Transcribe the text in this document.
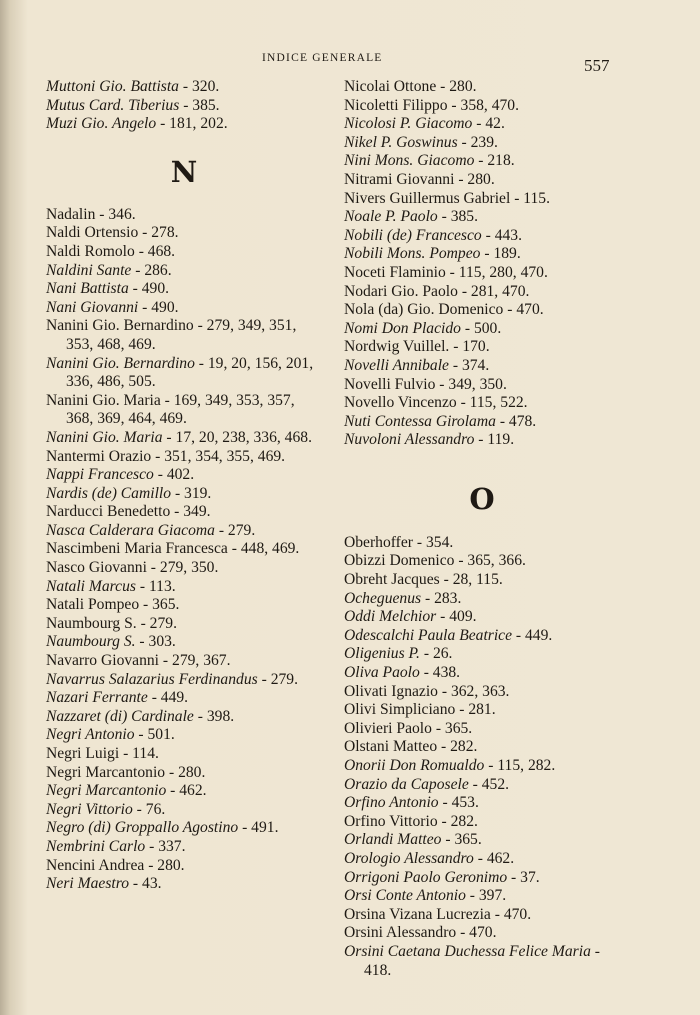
INDICE GENERALE	557
Muttoni Gio. Battista - 320.
Mutus Card. Tiberius - 385.
Muzi Gio. Angelo - 181, 202.
N
Nadalin - 346.
Naldi Ortensio - 278.
Naldi Romolo - 468.
Naldini Sante - 286.
Nani Battista - 490.
Nani Giovanni - 490.
Nanini Gio. Bernardino - 279, 349, 351, 353, 468, 469.
Nanini Gio. Bernardino - 19, 20, 156, 201, 336, 486, 505.
Nanini Gio. Maria - 169, 349, 353, 357, 368, 369, 464, 469.
Nanini Gio. Maria - 17, 20, 238, 336, 468.
Nantermi Orazio - 351, 354, 355, 469.
Nappi Francesco - 402.
Nardis (de) Camillo - 319.
Narducci Benedetto - 349.
Nasca Calderara Giacoma - 279.
Nascimbeni Maria Francesca - 448, 469.
Nasco Giovanni - 279, 350.
Natali Marcus - 113.
Natali Pompeo - 365.
Naumbourg S. - 279.
Naumbourg S. - 303.
Navarro Giovanni - 279, 367.
Navarrus Salazarius Ferdinandus - 279.
Nazari Ferrante - 449.
Nazzaret (di) Cardinale - 398.
Negri Antonio - 501.
Negri Luigi - 114.
Negri Marcantonio - 280.
Negri Marcantonio - 462.
Negri Vittorio - 76.
Negro (di) Groppallo Agostino - 491.
Nembrini Carlo - 337.
Nencini Andrea - 280.
Neri Maestro - 43.
Nicolai Ottone - 280.
Nicoletti Filippo - 358, 470.
Nicolosi P. Giacomo - 42.
Nikel P. Goswinus - 239.
Nini Mons. Giacomo - 218.
Nitrami Giovanni - 280.
Nivers Guillermus Gabriel - 115.
Noale P. Paolo - 385.
Nobili (de) Francesco - 443.
Nobili Mons. Pompeo - 189.
Noceti Flaminio - 115, 280, 470.
Nodari Gio. Paolo - 281, 470.
Nola (da) Gio. Domenico - 470.
Nomi Don Placido - 500.
Nordwig Vuillel. - 170.
Novelli Annibale - 374.
Novelli Fulvio - 349, 350.
Novello Vincenzo - 115, 522.
Nuti Contessa Girolama - 478.
Nuvoloni Alessandro - 119.
O
Oberhoffer - 354.
Obizzi Domenico - 365, 366.
Obreht Jacques - 28, 115.
Ocheguenus - 283.
Oddi Melchior - 409.
Odescalchi Paula Beatrice - 449.
Oligenius P. - 26.
Oliva Paolo - 438.
Olivati Ignazio - 362, 363.
Olivi Simpliciano - 281.
Olivieri Paolo - 365.
Olstani Matteo - 282.
Onorii Don Romualdo - 115, 282.
Orazio da Caposele - 452.
Orfino Antonio - 453.
Orfino Vittorio - 282.
Orlandi Matteo - 365.
Orologio Alessandro - 462.
Orrigoni Paolo Geronimo - 37.
Orsi Conte Antonio - 397.
Orsina Vizana Lucrezia - 470.
Orsini Alessandro - 470.
Orsini Caetana Duchessa Felice Maria - 418.
